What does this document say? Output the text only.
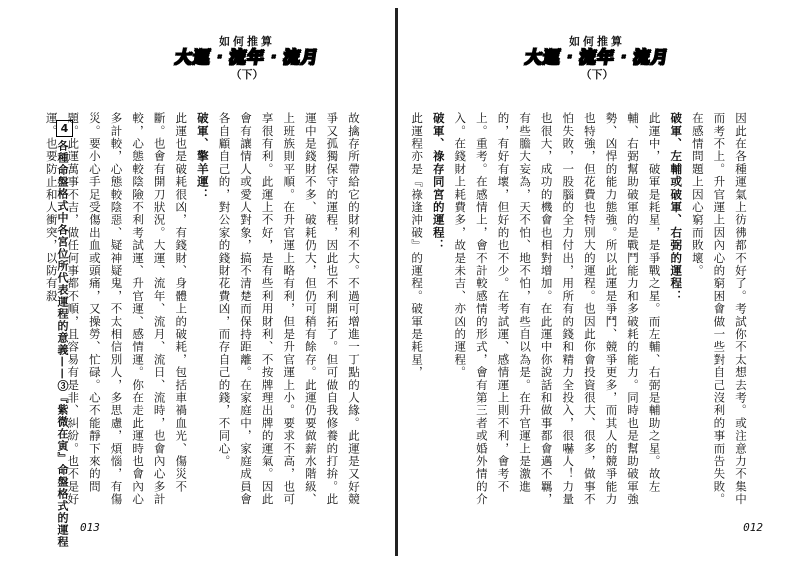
如何推算
大運‧流年‧流月
（下）

故擒存所帶給它的財利不大。不過可增進一丁點的人緣。此運是又好競爭又孤獨保守的運程，因此也不利開拓了。但可做自我修養的打拚。此運中是錢財不多、破耗仍大，但仍可稍有餘存。此運仍要做薪水階級、上班族則平順。在升官運上略有利，但是升官運上小。要求不高，也可享很有利。此運上不好，是有些利用財利、不按牌理出牌的運氣。因此會有讓情人或愛人對象，搞不清楚而保持距離。在家庭中，家庭成員會各自顧自己的，對公家的錢財花費凶，而存自己的錢，不同心。

破軍、擎羊運：

此運也是破耗很凶，有錢財、身體上的破耗，包括車禍血光、傷災不斷。也會有開刀狀況。大運、流年、流月、流日、流時，也會內心多計較，心態較陰險不利考試運、升官運、感情運。你在走此運時也會內心多計較，心態較陰惡、疑神疑鬼，不太相信別人，多思慮，煩惱，有傷災。要小心手足受傷出血或頭痛，又操勞、忙碌。心不能靜下來的問題。此運萬事不吉，做任何事都不順，且容易有是非、糾紛。也不是好運。也要防止和人衝突，以防有殺 4
各種命盤格式中各宮位所代表運程的意義——③『紫微在寅』命盤格式的運程 013
如何推算
大運‧流年‧流月
（下）

因此在各種運氣上彷彿都不好了。考試你不太想去考。或注意力不集中而考不上。升官運上因內心的窮困會做一些對自己沒利的事而告失敗。在感情問題上因心窮而敗壞。

破軍、左輔或破軍、右弼的運程：

此運中，破軍是耗星，是爭戰之星。而左輔、右弼是輔助之星。故左輔、右弼幫助破軍的是戰鬥能力和多破耗的能力。同時也是幫助破軍強勢、凶悍的能力態強。所以此運是爭鬥、競爭更多，而其人的競爭能力也特強，但花費也特別大的運程。也因此你會投資很大、很多，做事不怕失敗，一股腦的全力付出，用所有的錢和精力全投入，很嚇人！力量也很大，成功的機會也相對增加。在此運中你說話和做事都會邁不羈，有些膽大妄為，天不怕、地不怕，有些自以為是。在升官運上是激進的，有好有壞，但好的也不少。在考試運、感情運上則不利，會考不上。重考。在感情上，會不計較感情的形式，會有第三者或婚外情的介入。在錢財上耗費多，故是未吉、亦凶的運程。

破軍、祿存同宮的運程：

此運程亦是『祿逢沖破』的運程。破軍是耗星，

012
